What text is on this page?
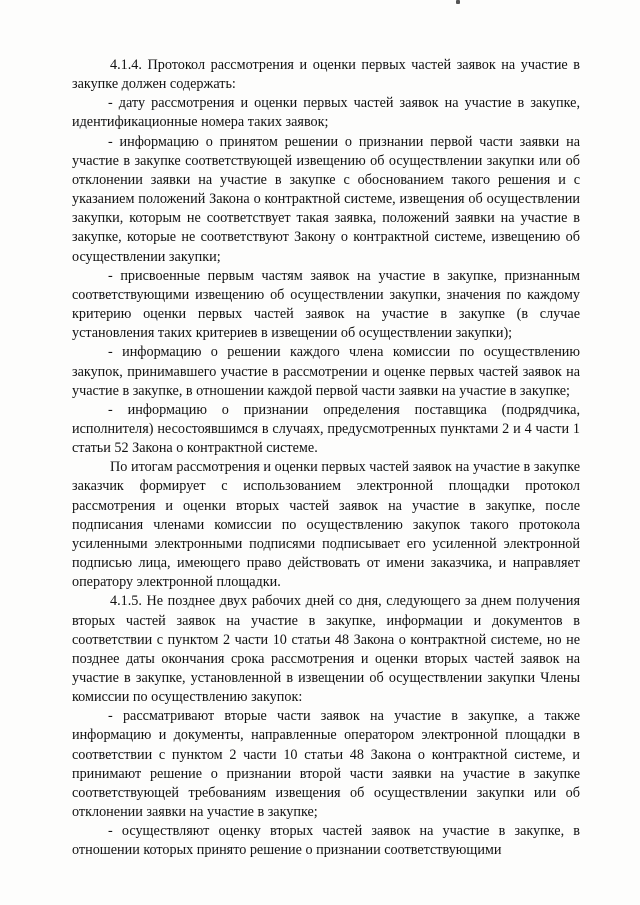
4.1.4. Протокол рассмотрения и оценки первых частей заявок на участие в закупке должен содержать:

- дату рассмотрения и оценки первых частей заявок на участие в закупке, идентификационные номера таких заявок;

- информацию о принятом решении о признании первой части заявки на участие в закупке соответствующей извещению об осуществлении закупки или об отклонении заявки на участие в закупке с обоснованием такого решения и с указанием положений Закона о контрактной системе, извещения об осуществлении закупки, которым не соответствует такая заявка, положений заявки на участие в закупке, которые не соответствуют Закону о контрактной системе, извещению об осуществлении закупки;

- присвоенные первым частям заявок на участие в закупке, признанным соответствующими извещению об осуществлении закупки, значения по каждому критерию оценки первых частей заявок на участие в закупке (в случае установления таких критериев в извещении об осуществлении закупки);

- информацию о решении каждого члена комиссии по осуществлению закупок, принимавшего участие в рассмотрении и оценке первых частей заявок на участие в закупке, в отношении каждой первой части заявки на участие в закупке;

- информацию о признании определения поставщика (подрядчика, исполнителя) несостоявшимся в случаях, предусмотренных пунктами 2 и 4 части 1 статьи 52 Закона о контрактной системе.

По итогам рассмотрения и оценки первых частей заявок на участие в закупке заказчик формирует с использованием электронной площадки протокол рассмотрения и оценки вторых частей заявок на участие в закупке, после подписания членами комиссии по осуществлению закупок такого протокола усиленными электронными подписями подписывает его усиленной электронной подписью лица, имеющего право действовать от имени заказчика, и направляет оператору электронной площадки.

4.1.5. Не позднее двух рабочих дней со дня, следующего за днем получения вторых частей заявок на участие в закупке, информации и документов в соответствии с пунктом 2 части 10 статьи 48 Закона о контрактной системе, но не позднее даты окончания срока рассмотрения и оценки вторых частей заявок на участие в закупке, установленной в извещении об осуществлении закупки Члены комиссии по осуществлению закупок:

- рассматривают вторые части заявок на участие в закупке, а также информацию и документы, направленные оператором электронной площадки в соответствии с пунктом 2 части 10 статьи 48 Закона о контрактной системе, и принимают решение о признании второй части заявки на участие в закупке соответствующей требованиям извещения об осуществлении закупки или об отклонении заявки на участие в закупке;

- осуществляют оценку вторых частей заявок на участие в закупке, в отношении которых принято решение о признании соответствующими
